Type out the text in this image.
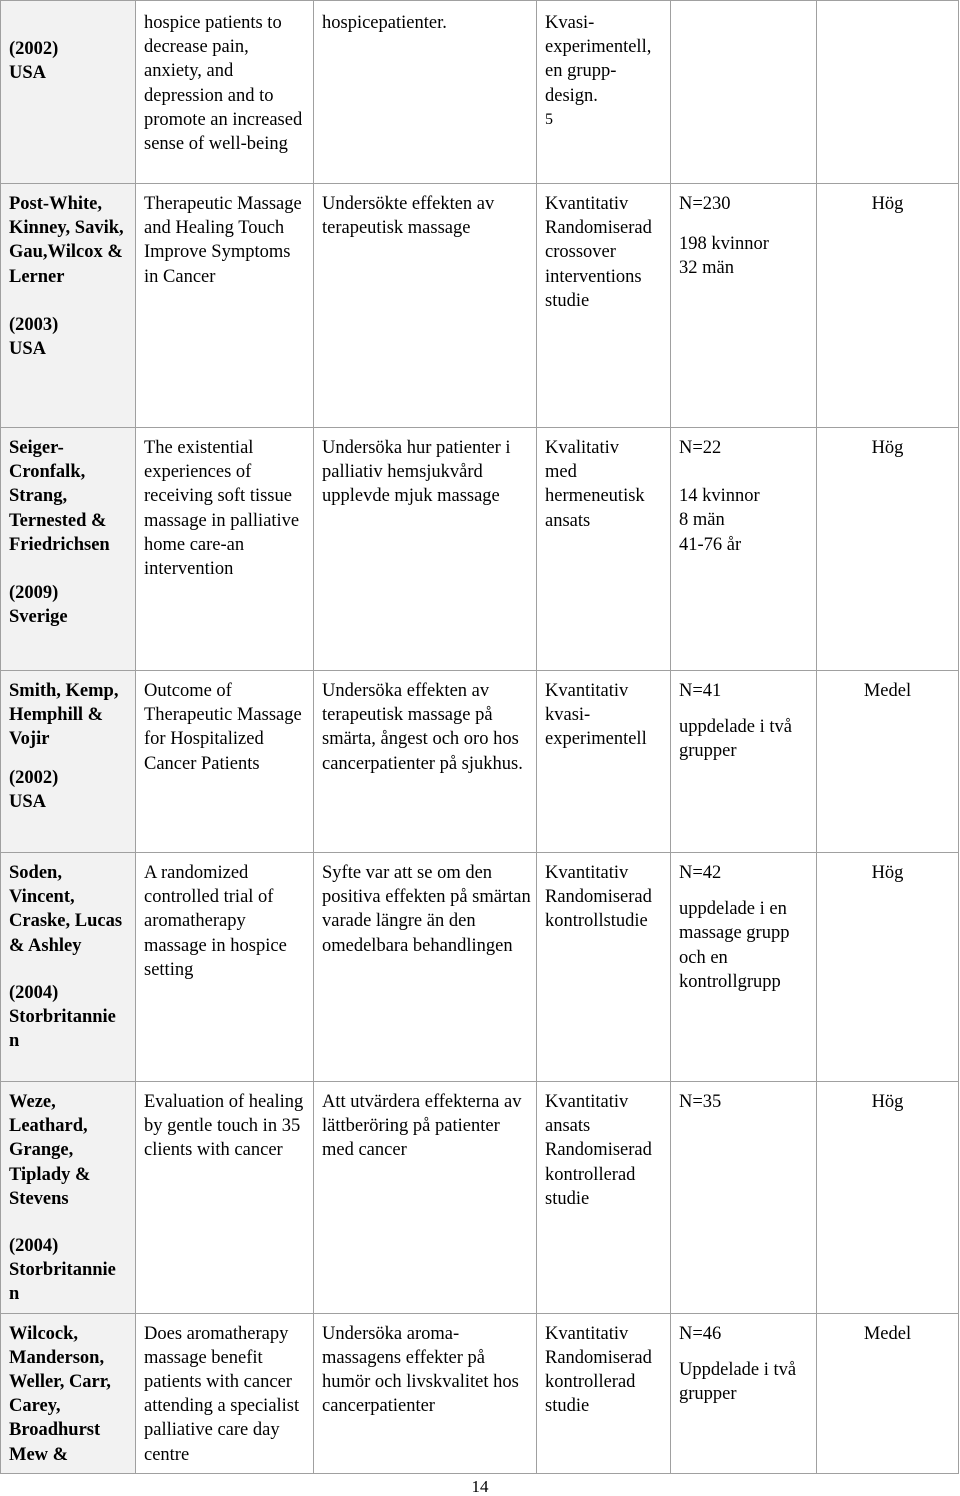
(2002)
USA	hospice patients to decrease pain, anxiety, and depression and to promote an increased sense of well-being	hospicepatienter.	Kvasi-
experimentell,
en grupp-
design.
5		

Post-White, Kinney, Savik, Gau,Wilcox & Lerner
(2003)
USA	Therapeutic Massage and Healing Touch Improve Symptoms in Cancer	Undersökte effekten av terapeutisk massage	Kvantitativ
Randomiserad
crossover
interventions
studie	N=230
198 kvinnor
32 män	Hög

Seiger-Cronfalk, Strang, Ternested & Friedrichsen
(2009)
Sverige	The existential experiences of receiving soft tissue massage in palliative home care-an intervention	Undersöka hur patienter i palliativ hemsjukvård upplevde mjuk massage	Kvalitativ
med
hermeneutisk
ansats	N=22
14 kvinnor
8 män
41-76 år	Hög

Smith, Kemp, Hemphill & Vojir
(2002)
USA	Outcome of Therapeutic Massage for Hospitalized Cancer Patients	Undersöka effekten av terapeutisk massage på smärta, ångest och oro hos cancerpatienter på sjukhus.	Kvantitativ
kvasi-
experimentell	N=41
uppdelade i två grupper	Medel

Soden, Vincent, Craske, Lucas & Ashley
(2004)
Storbritannie
n	A randomized controlled trial of aromatherapy massage in hospice setting	Syfte var att se om den positiva effekten på smärtan varade längre än den omedelbara behandlingen	Kvantitativ
Randomiserad
kontrollstudie	N=42
uppdelade i en massage grupp och en kontrollgrupp	Hög

Weze, Leathard, Grange, Tiplady & Stevens
(2004)
Storbritannie
n	Evaluation of healing by gentle touch in 35 clients with cancer	Att utvärdera effekterna av lättberöring på patienter med cancer	Kvantitativ
ansats
Randomiserad
kontrollerad
studie	N=35	Hög

Wilcock, Manderson, Weller, Carr, Carey, Broadhurst Mew &	Does aromatherapy massage benefit patients with cancer attending a specialist palliative care day centre	Undersöka aroma-massagens effekter på humör och livskvalitet hos cancerpatienter	Kvantitativ
Randomiserad
kontrollerad
studie	N=46
Uppdelade i två grupper	Medel
14
